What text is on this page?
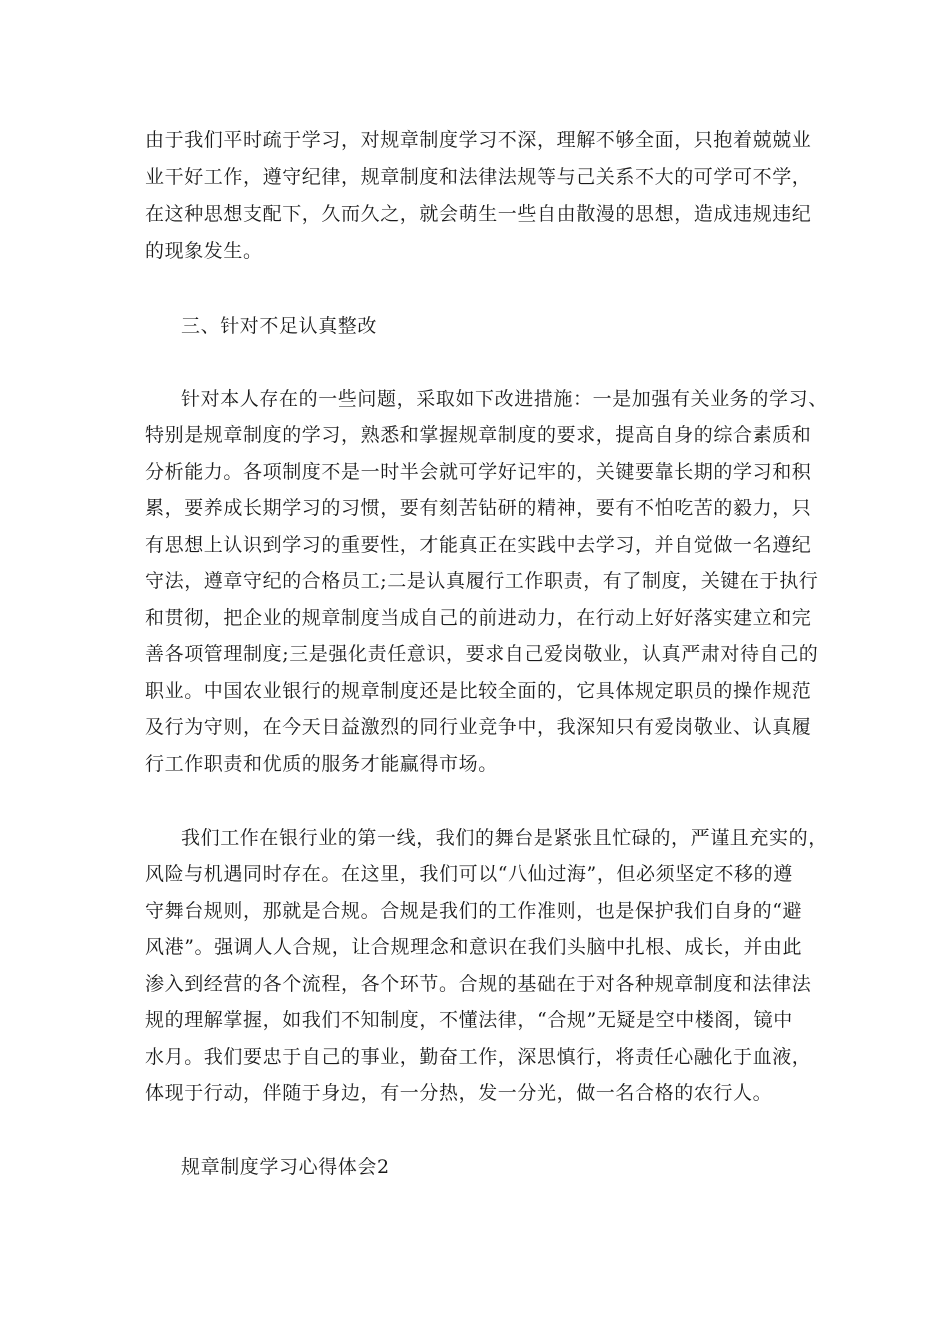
由于我们平时疏于学习，对规章制度学习不深，理解不够全面，只抱着兢兢业
业干好工作，遵守纪律，规章制度和法律法规等与己关系不大的可学可不学，
在这种思想支配下，久而久之，就会萌生一些自由散漫的思想，造成违规违纪
的现象发生。
三、针对不足认真整改
针对本人存在的一些问题，采取如下改进措施：一是加强有关业务的学习、
特别是规章制度的学习，熟悉和掌握规章制度的要求，提高自身的综合素质和
分析能力。各项制度不是一时半会就可学好记牢的，关键要靠长期的学习和积
累，要养成长期学习的习惯，要有刻苦钻研的精神，要有不怕吃苦的毅力，只
有思想上认识到学习的重要性，才能真正在实践中去学习，并自觉做一名遵纪
守法，遵章守纪的合格员工;二是认真履行工作职责，有了制度，关键在于执行
和贯彻，把企业的规章制度当成自己的前进动力，在行动上好好落实建立和完
善各项管理制度;三是强化责任意识，要求自己爱岗敬业，认真严肃对待自己的
职业。中国农业银行的规章制度还是比较全面的，它具体规定职员的操作规范
及行为守则，在今天日益激烈的同行业竞争中，我深知只有爱岗敬业、认真履
行工作职责和优质的服务才能赢得市场。
我们工作在银行业的第一线，我们的舞台是紧张且忙碌的，严谨且充实的，
风险与机遇同时存在。在这里，我们可以“八仙过海”，但必须坚定不移的遵
守舞台规则，那就是合规。合规是我们的工作准则，也是保护我们自身的“避
风港”。强调人人合规，让合规理念和意识在我们头脑中扎根、成长，并由此
渗入到经营的各个流程，各个环节。合规的基础在于对各种规章制度和法律法
规的理解掌握，如我们不知制度，不懂法律，“合规”无疑是空中楼阁，镜中
水月。我们要忠于自己的事业，勤奋工作，深思慎行，将责任心融化于血液，
体现于行动，伴随于身边，有一分热，发一分光，做一名合格的农行人。
规章制度学习心得体会2
